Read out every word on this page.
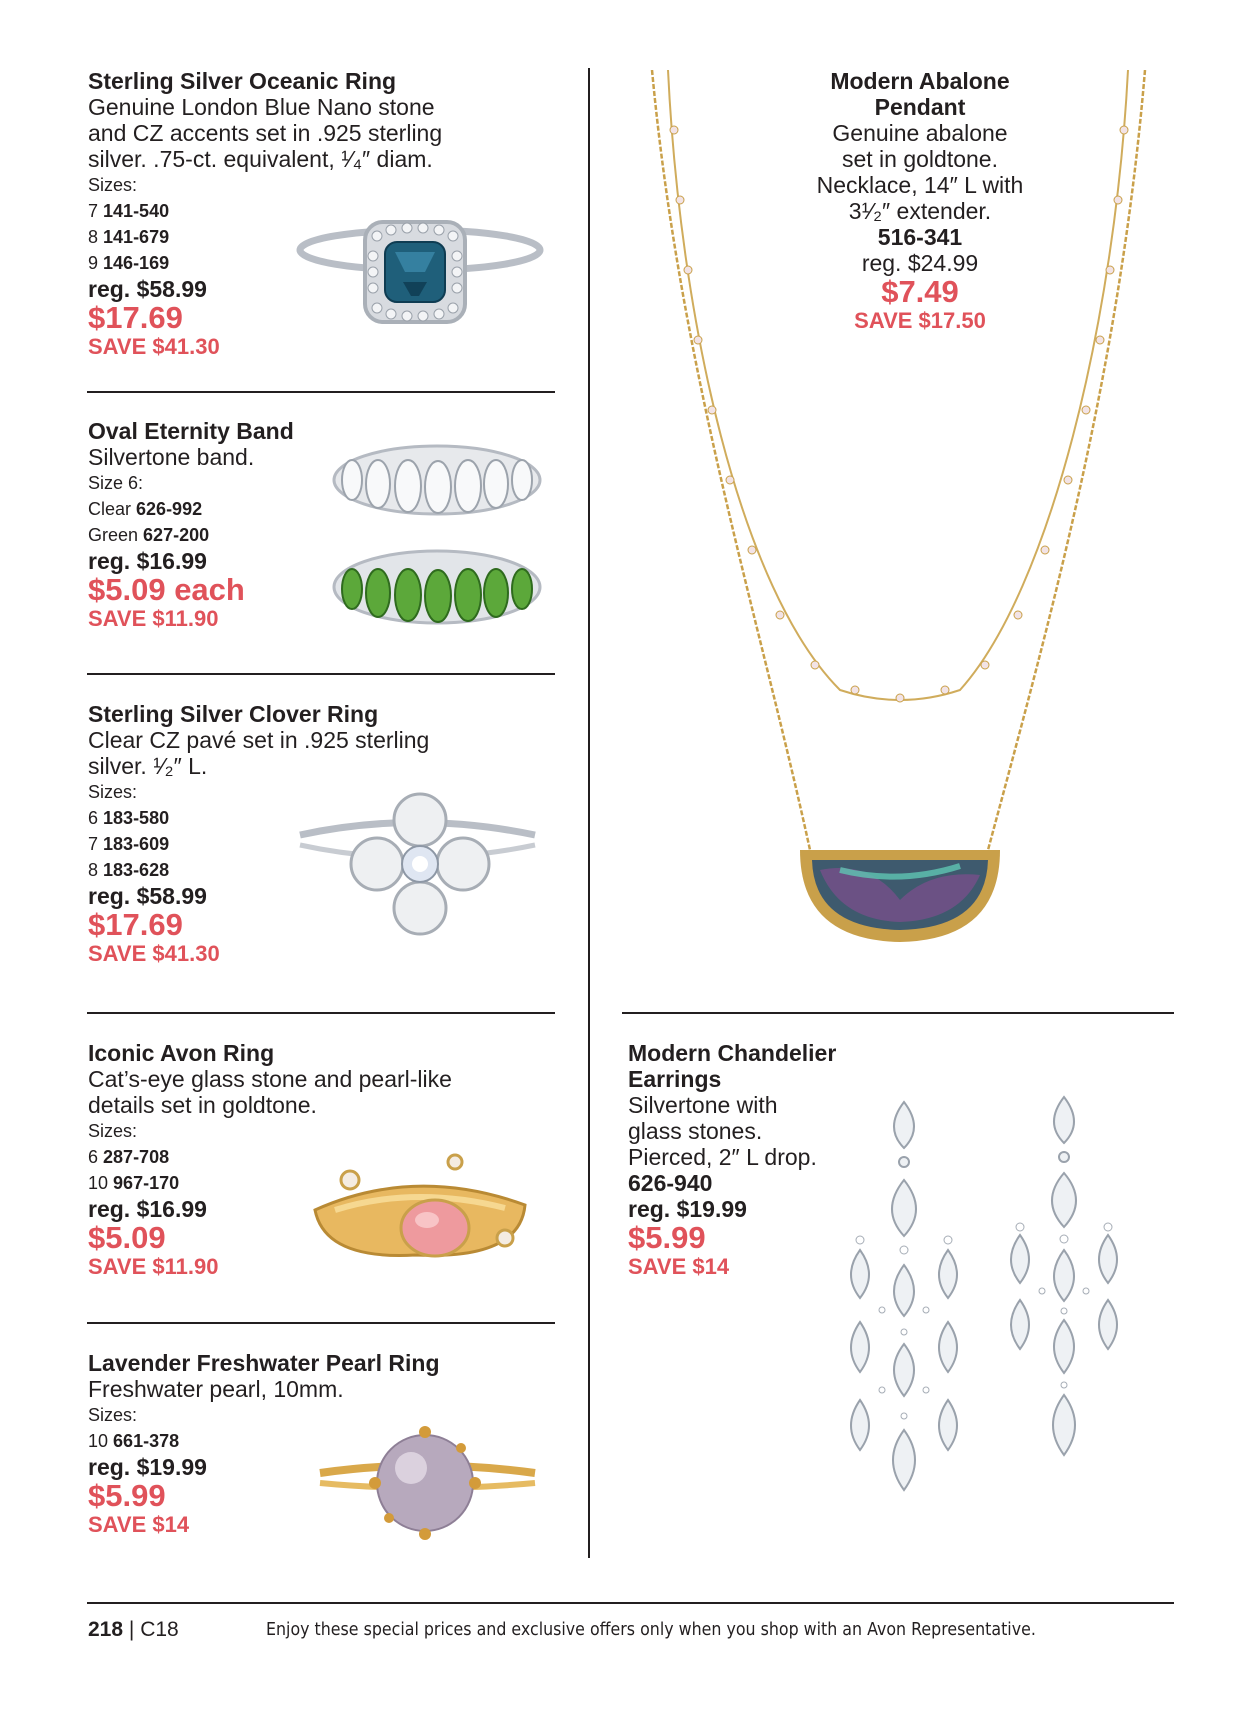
Sterling Silver Oceanic Ring
Genuine London Blue Nano stone
and CZ accents set in .925 sterling
silver. .75-ct. equivalent, ¹⁄₄″ diam.
Sizes:
7 141-540
8 141-679
9 146-169
reg. $58.99
$17.69
SAVE $41.30
Oval Eternity Band
Silvertone band.
Size 6:
Clear 626-992
Green 627-200
reg. $16.99
$5.09 each
SAVE $11.90
Sterling Silver Clover Ring
Clear CZ pavé set in .925 sterling
silver. ¹⁄₂″ L.
Sizes:
6 183-580
7 183-609
8 183-628
reg. $58.99
$17.69
SAVE $41.30
Iconic Avon Ring
Cat’s-eye glass stone and pearl-like
details set in goldtone.
Sizes:
6 287-708
10 967-170
reg. $16.99
$5.09
SAVE $11.90
Lavender Freshwater Pearl Ring
Freshwater pearl, 10mm.
Sizes:
10 661-378
reg. $19.99
$5.99
SAVE $14
Modern Abalone
Pendant
Genuine abalone
set in goldtone.
Necklace, 14″ L with
3¹⁄₂″ extender.
516-341
reg. $24.99
$7.49
SAVE $17.50
Modern Chandelier
Earrings
Silvertone with
glass stones.
Pierced, 2″ L drop.
626-940
reg. $19.99
$5.99
SAVE $14
218 | C18	Enjoy these special prices and exclusive offers only when you shop with an Avon Representative.
